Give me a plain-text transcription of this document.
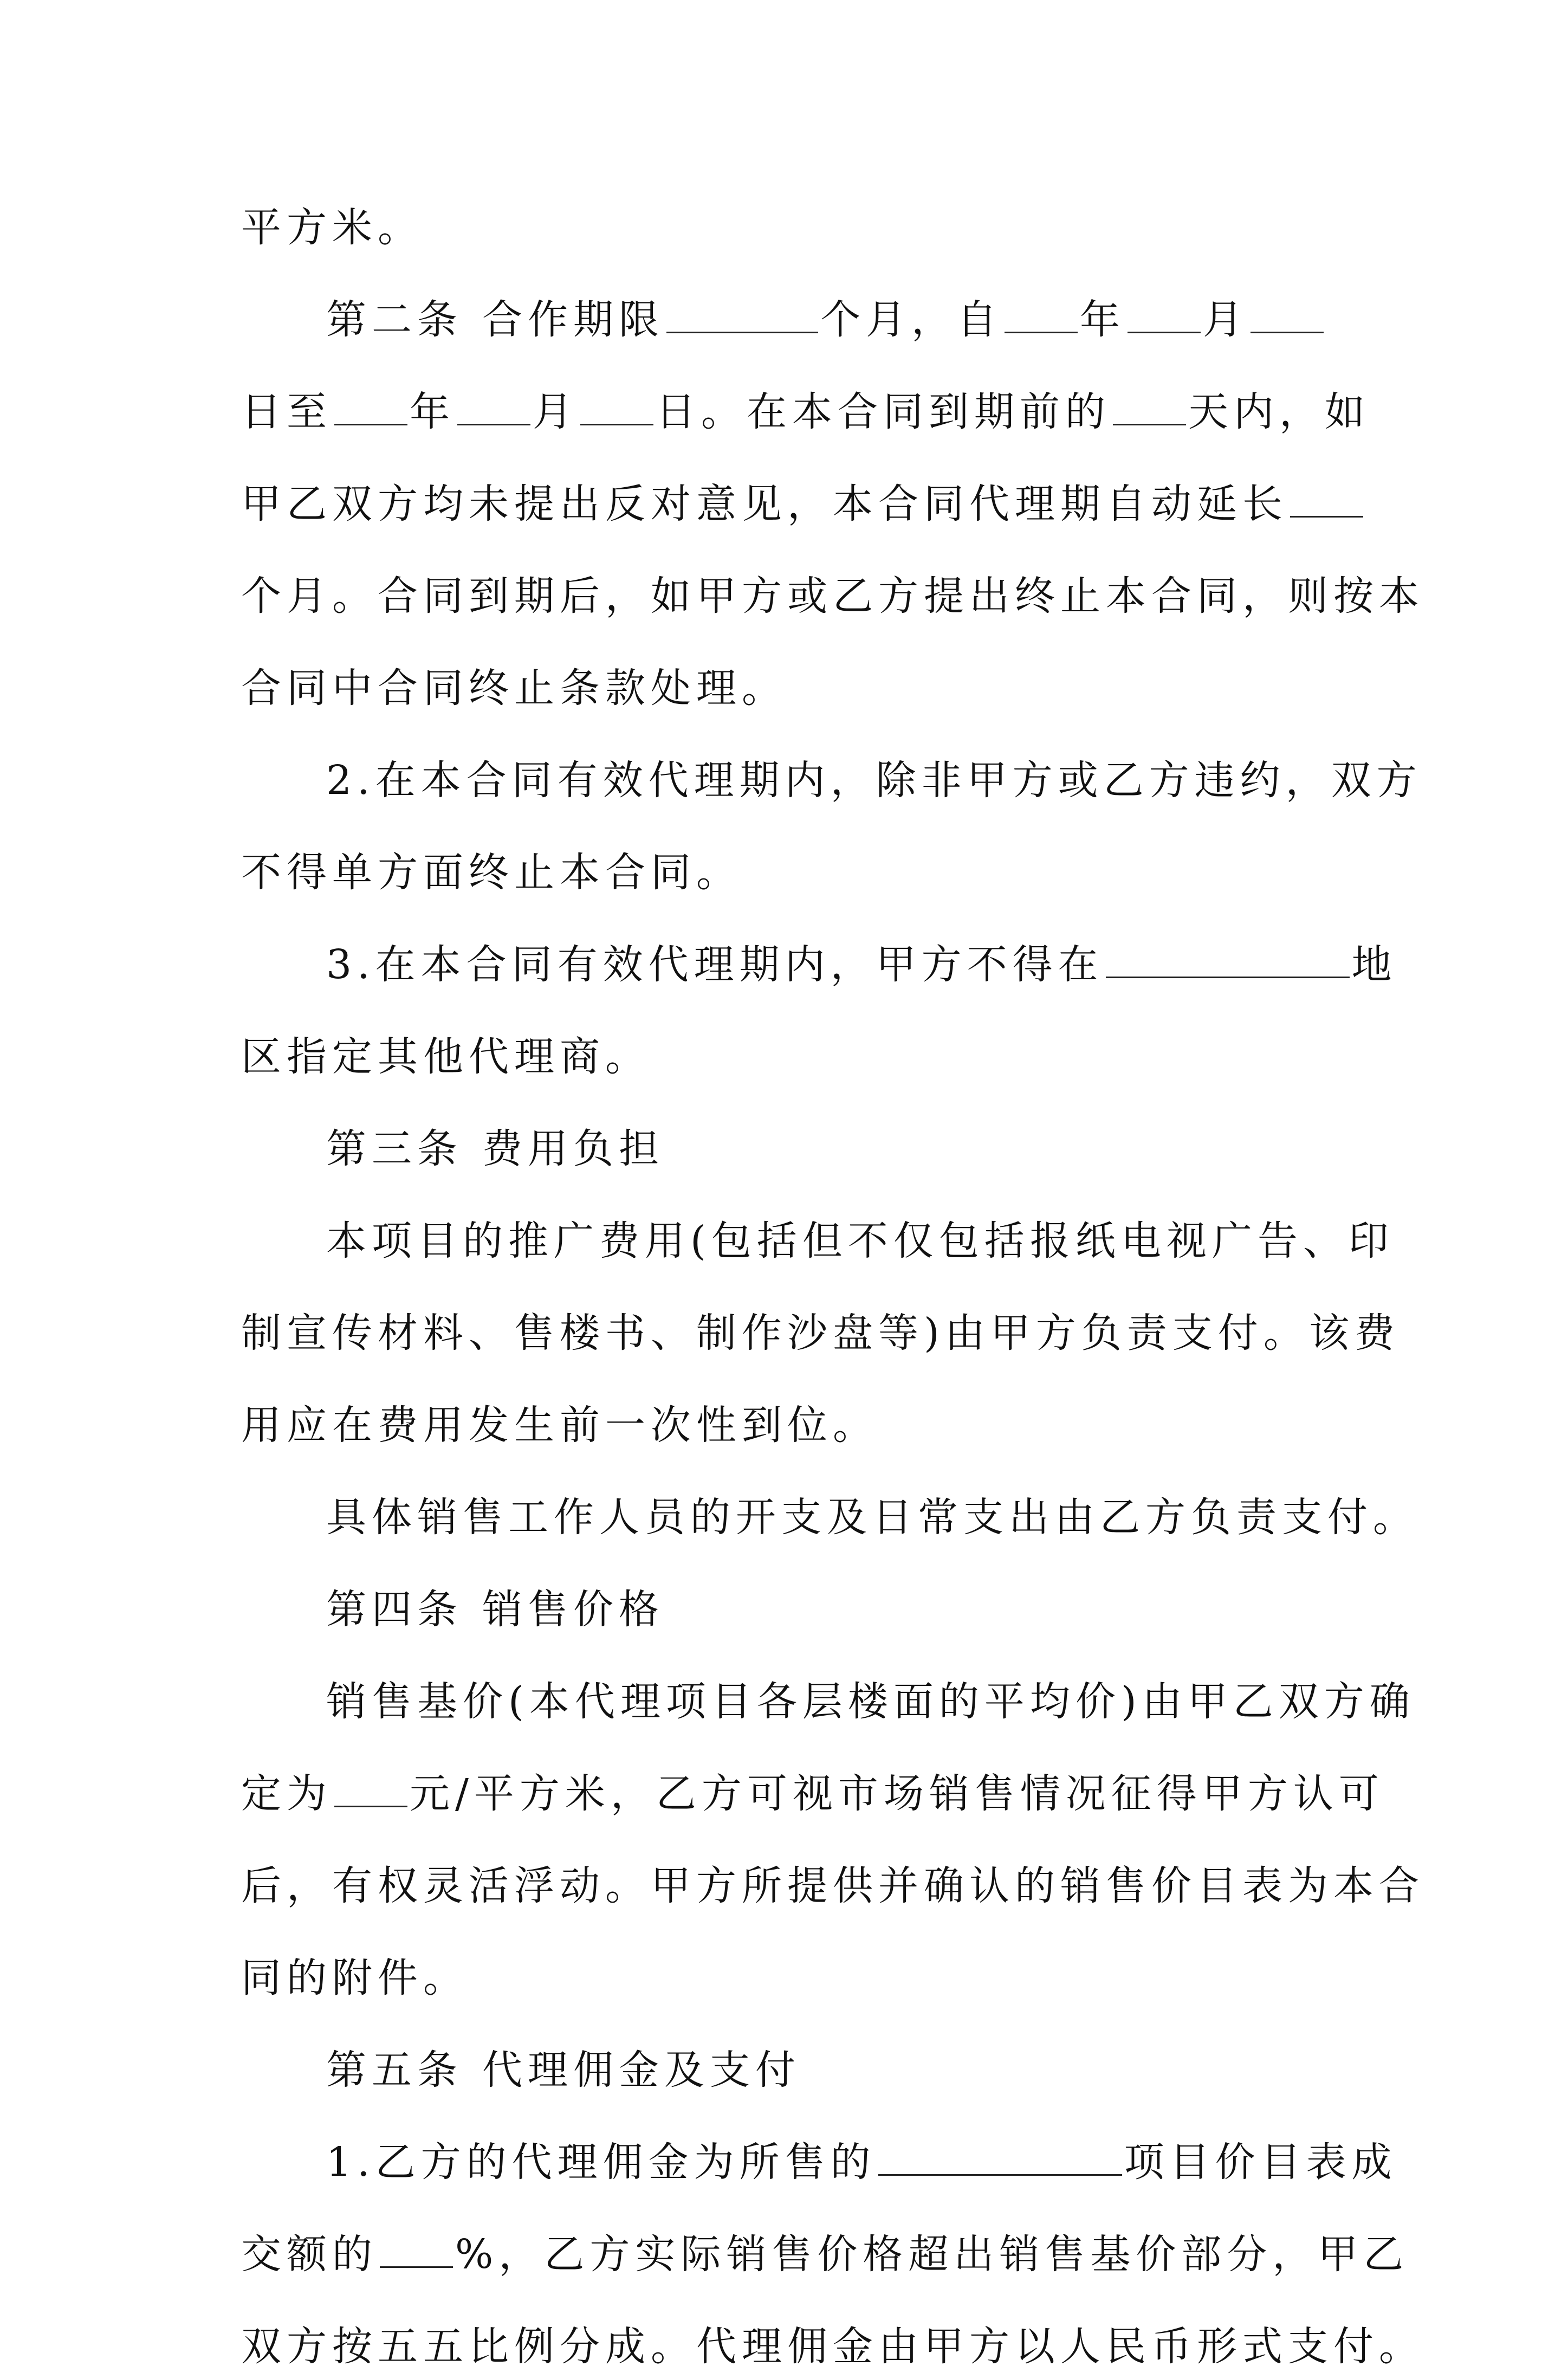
平方米。
第二条 合作期限	个月，自 年 月
日至 年 月 日。在本合同到期前的 天内，如
甲乙双方均未提出反对意见，本合同代理期自动延长
个月。合同到期后，如甲方或乙方提出终止本合同，则按本
合同中合同终止条款处理。
2.在本合同有效代理期内，除非甲方或乙方违约，双方
不得单方面终止本合同。
3.在本合同有效代理期内，甲方不得在	地
区指定其他代理商。
第三条 费用负担
本项目的推广费用(包括但不仅包括报纸电视广告、印
制宣传材料、售楼书、制作沙盘等)由甲方负责支付。该费
用应在费用发生前一次性到位。
具体销售工作人员的开支及日常支出由乙方负责支付。
第四条 销售价格
销售基价(本代理项目各层楼面的平均价)由甲乙双方确
定为 元/平方米，乙方可视市场销售情况征得甲方认可
后，有权灵活浮动。甲方所提供并确认的销售价目表为本合
同的附件。
第五条 代理佣金及支付
1.乙方的代理佣金为所售的	项目价目表成
交额的 %，乙方实际销售价格超出销售基价部分，甲乙
双方按五五比例分成。代理佣金由甲方以人民币形式支付。
